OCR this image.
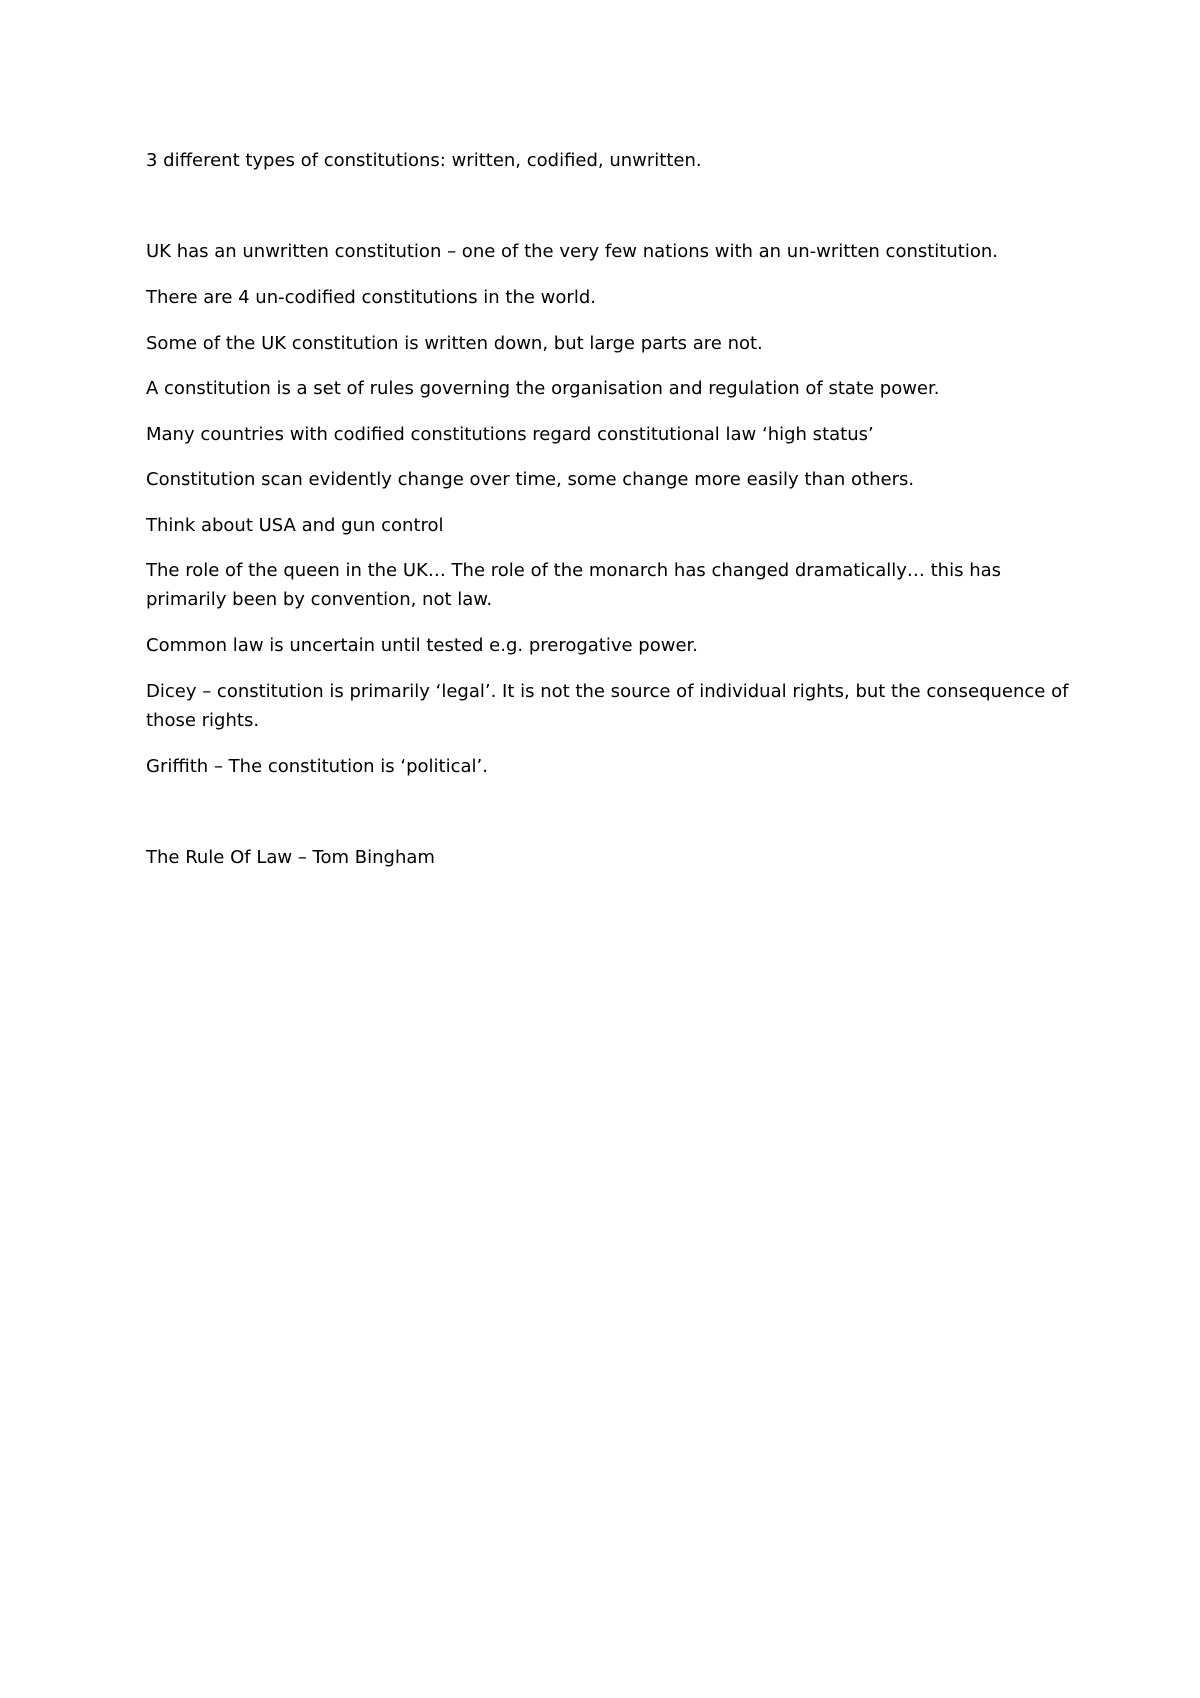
3 different types of constitutions: written, codified, unwritten.

UK has an unwritten constitution – one of the very few nations with an un-written constitution.

There are 4 un-codified constitutions in the world.

Some of the UK constitution is written down, but large parts are not.

A constitution is a set of rules governing the organisation and regulation of state power.

Many countries with codified constitutions regard constitutional law ‘high status’

Constitution scan evidently change over time, some change more easily than others.

Think about USA and gun control

The role of the queen in the UK… The role of the monarch has changed dramatically… this has primarily been by convention, not law.

Common law is uncertain until tested e.g. prerogative power.

Dicey – constitution is primarily ‘legal’. It is not the source of individual rights, but the consequence of those rights.

Griffith – The constitution is ‘political’.

The Rule Of Law – Tom Bingham
